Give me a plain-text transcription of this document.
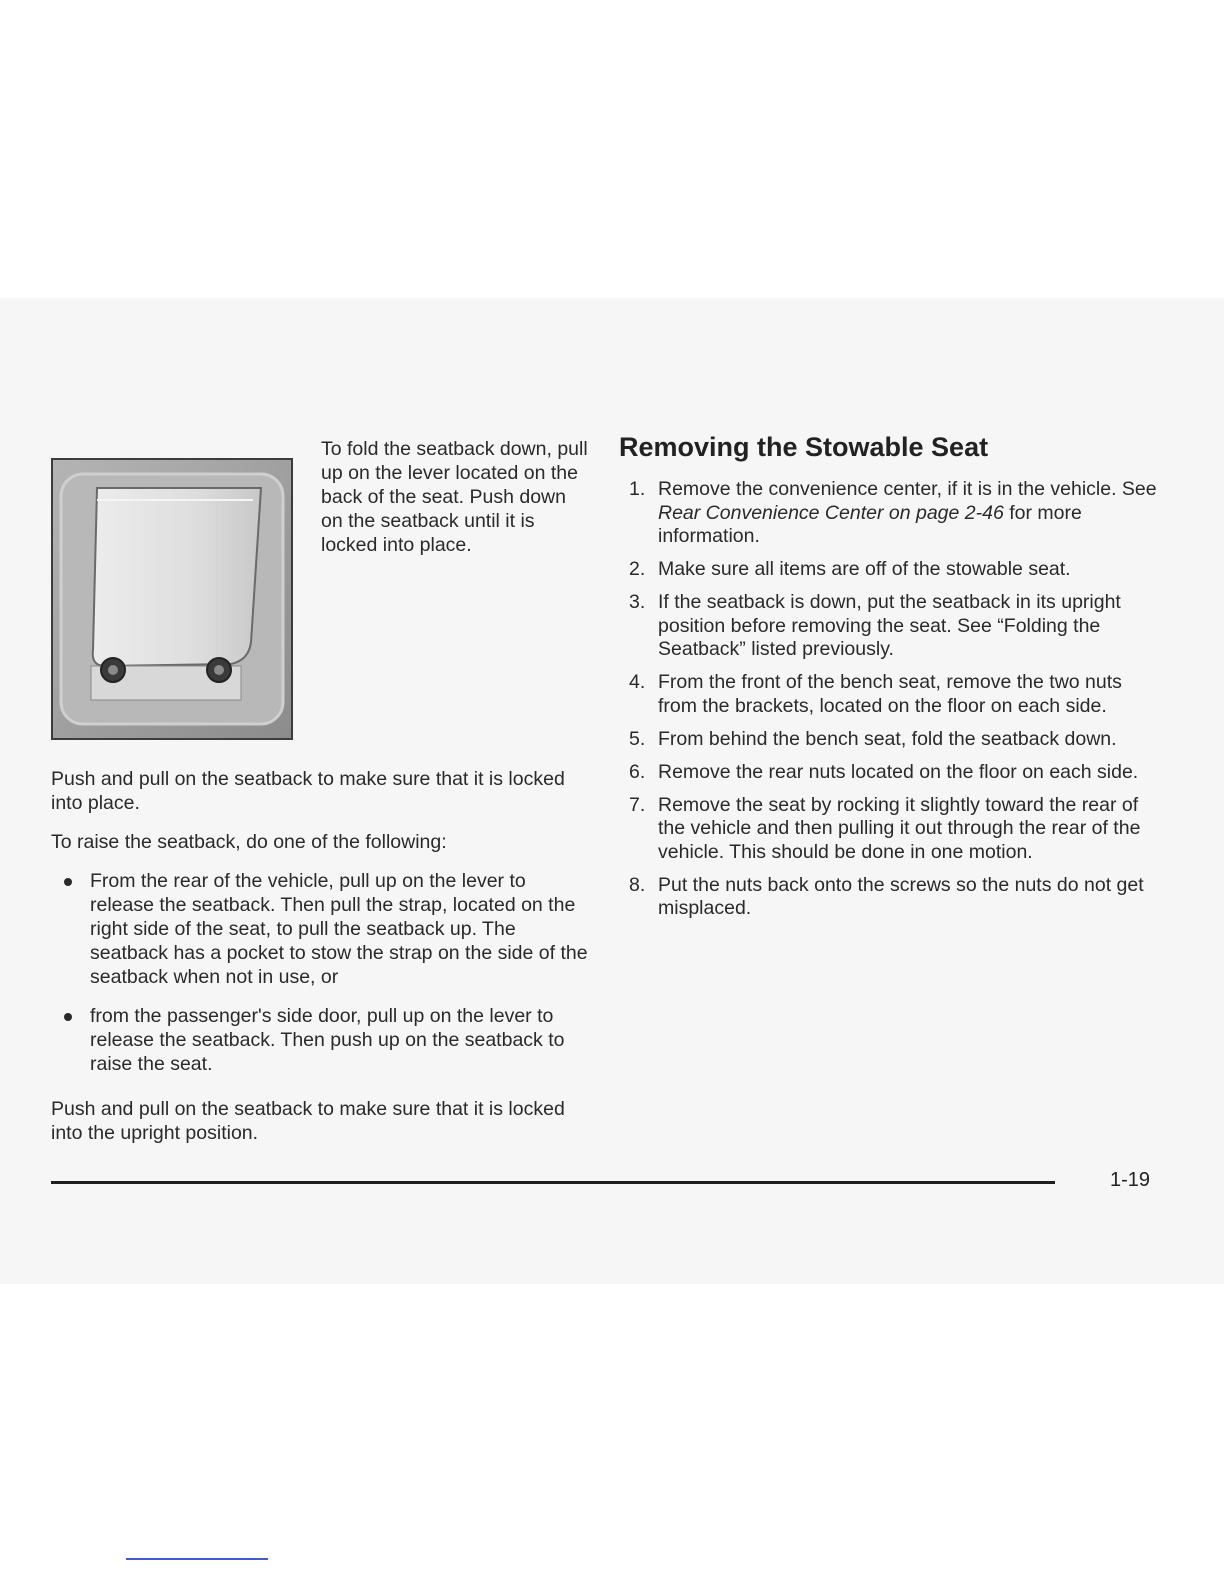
To fold the seatback down, pull up on the lever located on the back of the seat. Push down on the seatback until it is locked into place.

Push and pull on the seatback to make sure that it is locked into place.

To raise the seatback, do one of the following:

From the rear of the vehicle, pull up on the lever to release the seatback. Then pull the strap, located on the right side of the seat, to pull the seatback up. The seatback has a pocket to stow the strap on the side of the seatback when not in use, or
from the passenger's side door, pull up on the lever to release the seatback. Then push up on the seatback to raise the seat.

Push and pull on the seatback to make sure that it is locked into the upright position.

Removing the Stowable Seat
1. Remove the convenience center, if it is in the vehicle. See Rear Convenience Center on page 2-46 for more information.
2. Make sure all items are off of the stowable seat.
3. If the seatback is down, put the seatback in its upright position before removing the seat. See “Folding the Seatback” listed previously.
4. From the front of the bench seat, remove the two nuts from the brackets, located on the floor on each side.
5. From behind the bench seat, fold the seatback down.
6. Remove the rear nuts located on the floor on each side.
7. Remove the seat by rocking it slightly toward the rear of the vehicle and then pulling it out through the rear of the vehicle. This should be done in one motion.
8. Put the nuts back onto the screws so the nuts do not get misplaced.

1-19
